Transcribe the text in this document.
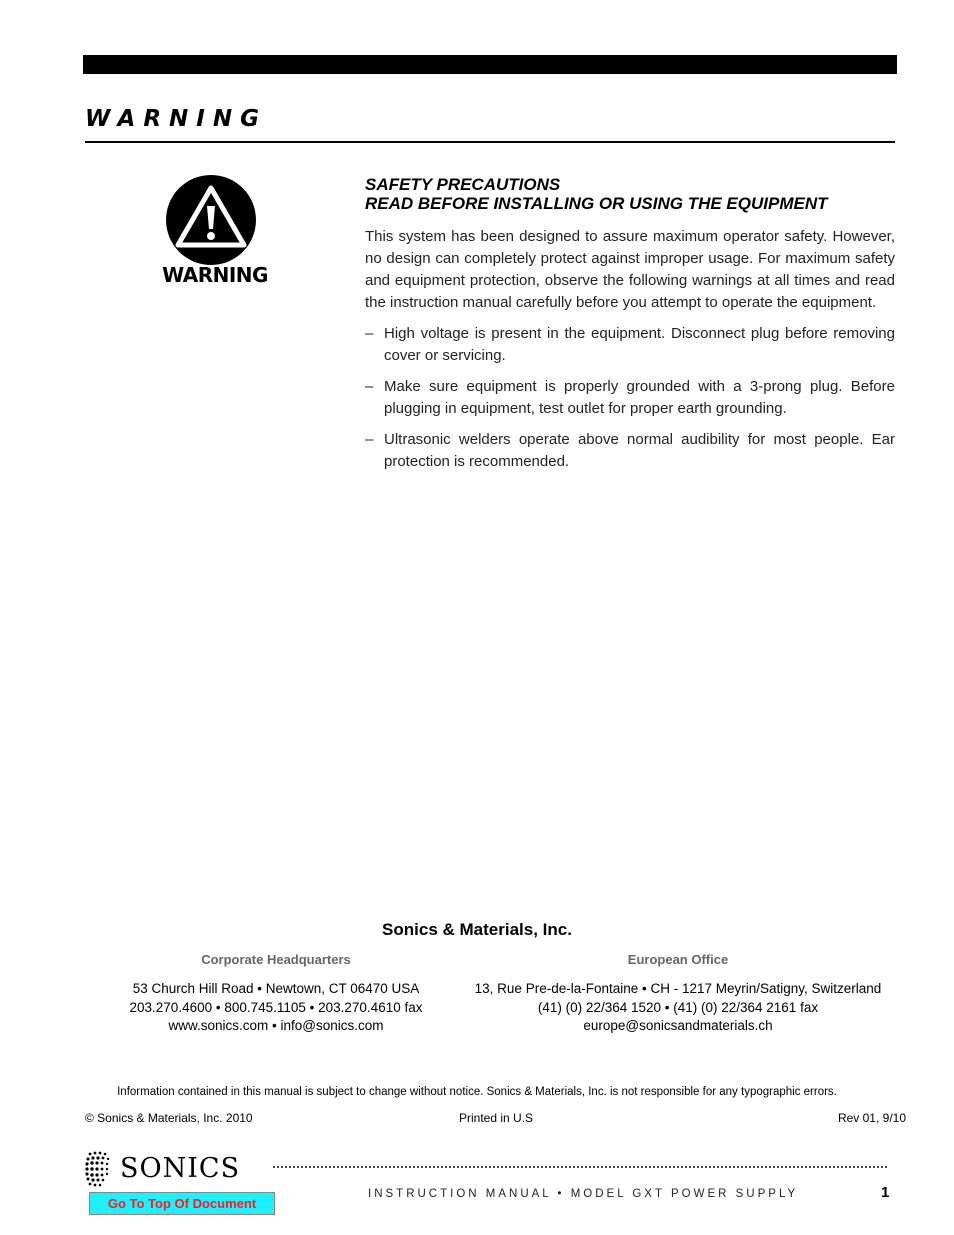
WARNING
WARNING
SAFETY PRECAUTIONS
READ BEFORE INSTALLING OR USING THE EQUIPMENT

This system has been designed to assure maximum operator safety. However, no design can completely protect against improper usage. For maximum safety and equipment protection, observe the following warnings at all times and read the instruction manual carefully before you attempt to operate the equipment.

– High voltage is present in the equipment. Disconnect plug before removing cover or servicing.
– Make sure equipment is properly grounded with a 3-prong plug. Before plugging in equipment, test outlet for proper earth grounding.
– Ultrasonic welders operate above normal audibility for most people. Ear protection is recommended.
Sonics & Materials, Inc.
Corporate Headquarters
53 Church Hill Road • Newtown, CT 06470 USA
203.270.4600 • 800.745.1105 • 203.270.4610 fax
www.sonics.com • info@sonics.com
European Office
13, Rue Pre-de-la-Fontaine • CH - 1217 Meyrin/Satigny, Switzerland
(41) (0) 22/364 1520 • (41) (0) 22/364 2161 fax
europe@sonicsandmaterials.ch
Information contained in this manual is subject to change without notice. Sonics & Materials, Inc. is not responsible for any typographic errors.
© Sonics & Materials, Inc. 2010	Printed in U.S	Rev 01, 9/10
SONICS
INSTRUCTION MANUAL • MODEL GXT POWER SUPPLY	1
Go To Top Of Document
